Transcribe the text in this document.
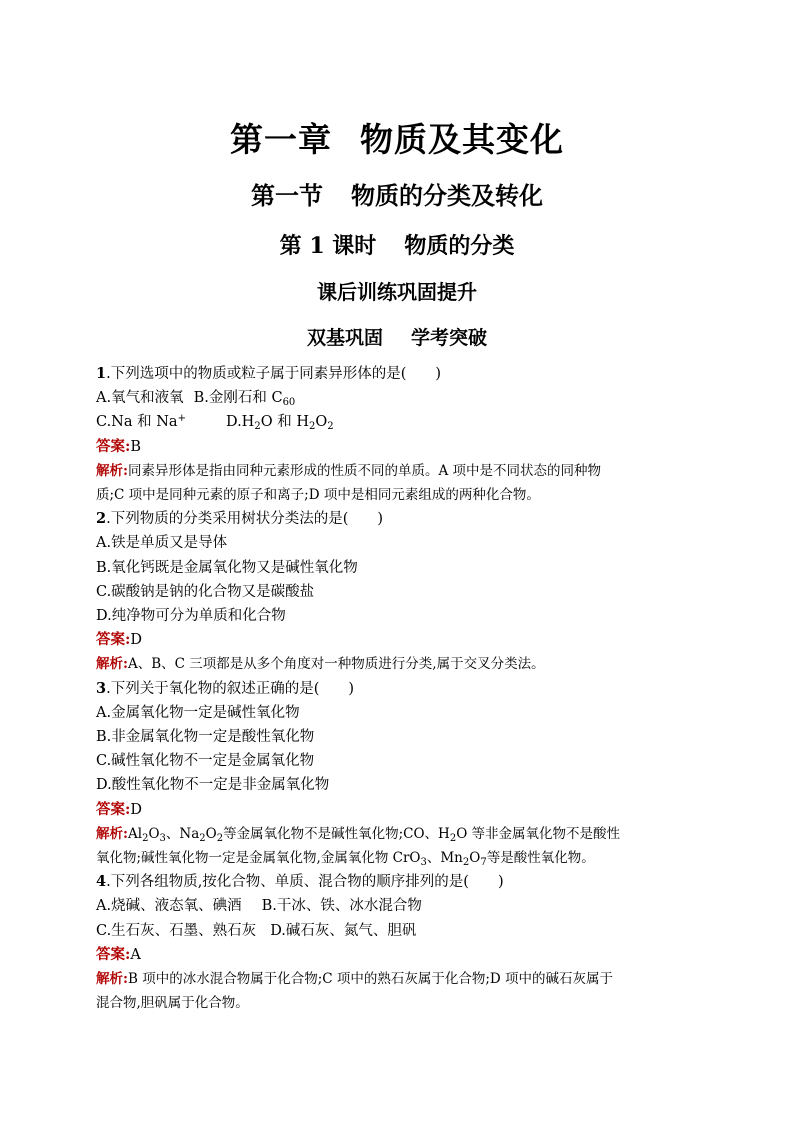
第一章 物质及其变化
第一节 物质的分类及转化
第 1 课时 物质的分类
课后训练巩固提升
双基巩固 学考突破
1.下列选项中的物质或粒子属于同素异形体的是(　　)
A.氧气和液氧 B.金刚石和 $C_{60}$
C.Na 和 Na+	$D.H_2O$ 和 $H_2O_2$
答案:B
解析:同素异形体是指由同种元素形成的性质不同的单质。A 项中是不同状态的同种物
质;C 项中是同种元素的原子和离子;D 项中是相同元素组成的两种化合物。
2.下列物质的分类采用树状分类法的是(　　)
A.铁是单质又是导体
B.氧化钙既是金属氧化物又是碱性氧化物
C.碳酸钠是钠的化合物又是碳酸盐
D.纯净物可分为单质和化合物
答案:D
解析:A、B、C 三项都是从多个角度对一种物质进行分类,属于交叉分类法。
3.下列关于氧化物的叙述正确的是(　　)
A.金属氧化物一定是碱性氧化物
B.非金属氧化物一定是酸性氧化物
C.碱性氧化物不一定是金属氧化物
D.酸性氧化物不一定是非金属氧化物
答案:D
解析$:Al_2O_3$、$Na_2O_2$等金属氧化物不是碱性氧化物;CO、$H_2O$ 等非金属氧化物不是酸性
氧化物;碱性氧化物一定是金属氧化物,金属氧化物 CrO$_3$、$Mn_2O_7$等是酸性氧化物。
4.下列各组物质,按化合物、单质、混合物的顺序排列的是(　　)
A.烧碱、液态氧、碘酒 B.干冰、铁、冰水混合物
C.生石灰、石墨、熟石灰 D.碱石灰、氮气、胆矾
答案:A
解析:B 项中的冰水混合物属于化合物;C 项中的熟石灰属于化合物;D 项中的碱石灰属于
混合物,胆矾属于化合物。
